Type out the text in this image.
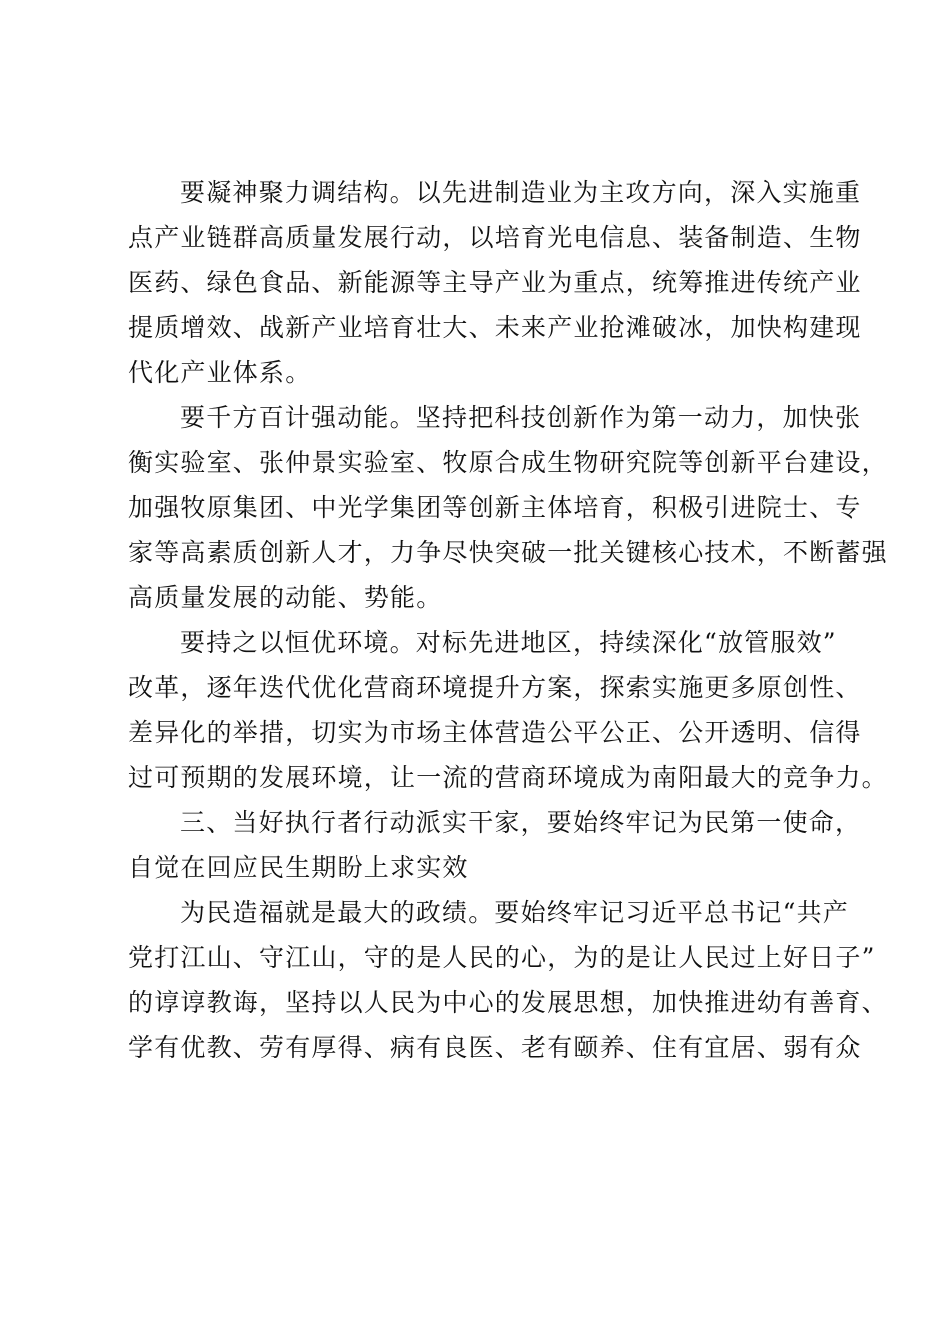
要凝神聚力调结构。以先进制造业为主攻方向，深入实施重
点产业链群高质量发展行动，以培育光电信息、装备制造、生物
医药、绿色食品、新能源等主导产业为重点，统筹推进传统产业
提质增效、战新产业培育壮大、未来产业抢滩破冰，加快构建现
代化产业体系。
要千方百计强动能。坚持把科技创新作为第一动力，加快张
衡实验室、张仲景实验室、牧原合成生物研究院等创新平台建设，
加强牧原集团、中光学集团等创新主体培育，积极引进院士、专
家等高素质创新人才，力争尽快突破一批关键核心技术，不断蓄强
高质量发展的动能、势能。
要持之以恒优环境。对标先进地区，持续深化“放管服效”
改革，逐年迭代优化营商环境提升方案，探索实施更多原创性、
差异化的举措，切实为市场主体营造公平公正、公开透明、信得
过可预期的发展环境，让一流的营商环境成为南阳最大的竞争力。
三、当好执行者行动派实干家，要始终牢记为民第一使命，
自觉在回应民生期盼上求实效
为民造福就是最大的政绩。要始终牢记习近平总书记“共产
党打江山、守江山，守的是人民的心，为的是让人民过上好日子”
的谆谆教诲，坚持以人民为中心的发展思想，加快推进幼有善育、
学有优教、劳有厚得、病有良医、老有颐养、住有宜居、弱有众
